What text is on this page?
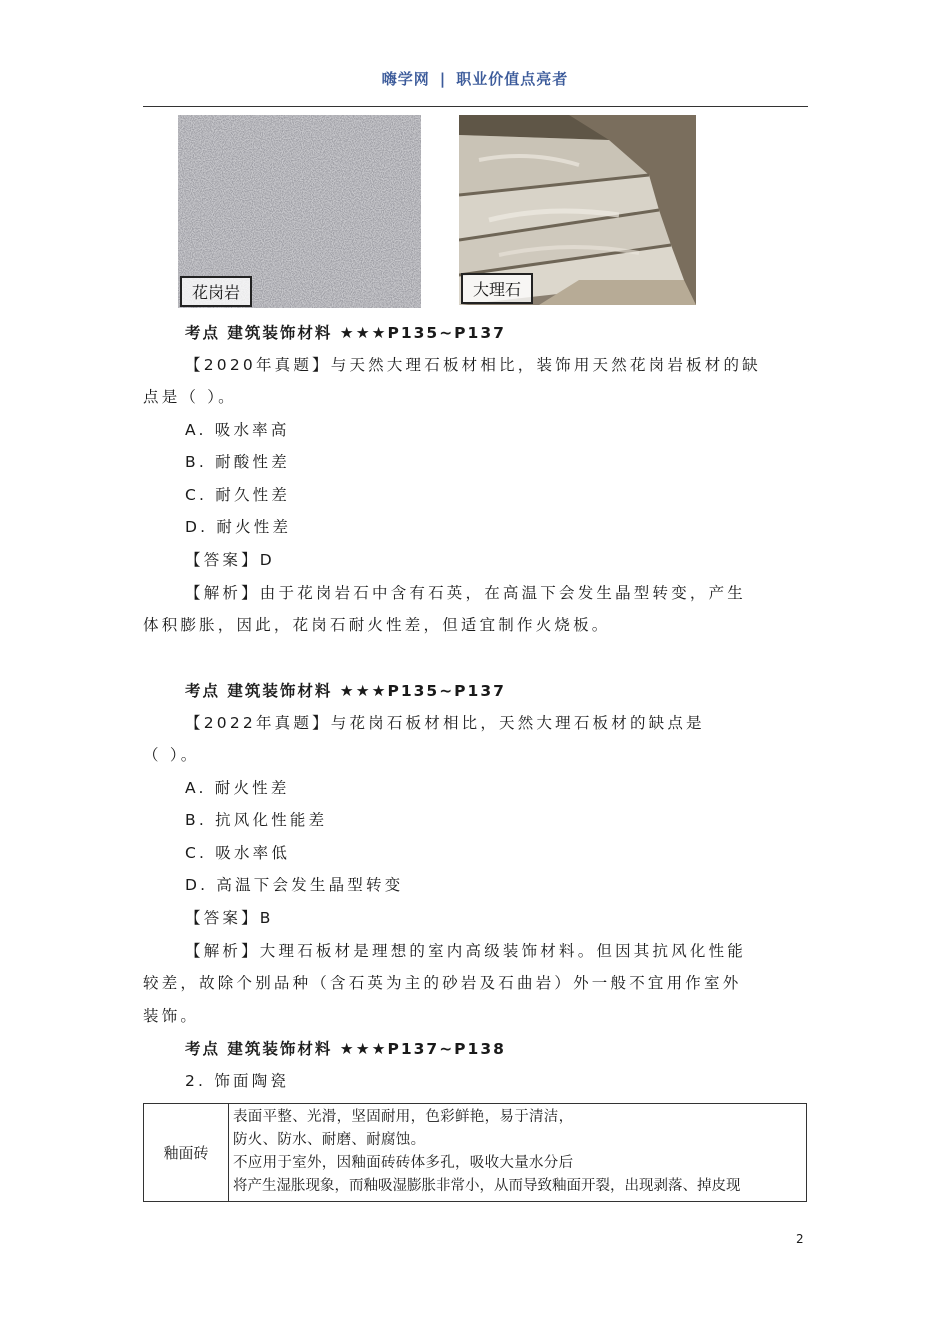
嗨学网 | 职业价值点亮者
花岗岩	大理石
考点 建筑装饰材料 ★★★P135~P137
【2020年真题】与天然大理石板材相比，装饰用天然花岗岩板材的缺
点是（ ）。
A. 吸水率高
B. 耐酸性差
C. 耐久性差
D. 耐火性差
【答案】D
【解析】由于花岗岩石中含有石英，在高温下会发生晶型转变，产生
体积膨胀，因此，花岗石耐火性差，但适宜制作火烧板。
考点 建筑装饰材料 ★★★P135~P137
【2022年真题】与花岗石板材相比，天然大理石板材的缺点是
（ ）。
A. 耐火性差
B. 抗风化性能差
C. 吸水率低
D. 高温下会发生晶型转变
【答案】B
【解析】大理石板材是理想的室内高级装饰材料。但因其抗风化性能
较差，故除个别品种（含石英为主的砂岩及石曲岩）外一般不宜用作室外
装饰。
考点 建筑装饰材料 ★★★P137~P138
2. 饰面陶瓷
釉面砖
表面平整、光滑，坚固耐用，色彩鲜艳，易于清洁，
防火、防水、耐磨、耐腐蚀。
不应用于室外，因釉面砖砖体多孔，吸收大量水分后
将产生湿胀现象，而釉吸湿膨胀非常小，从而导致釉面开裂，出现剥落、掉皮现
2
